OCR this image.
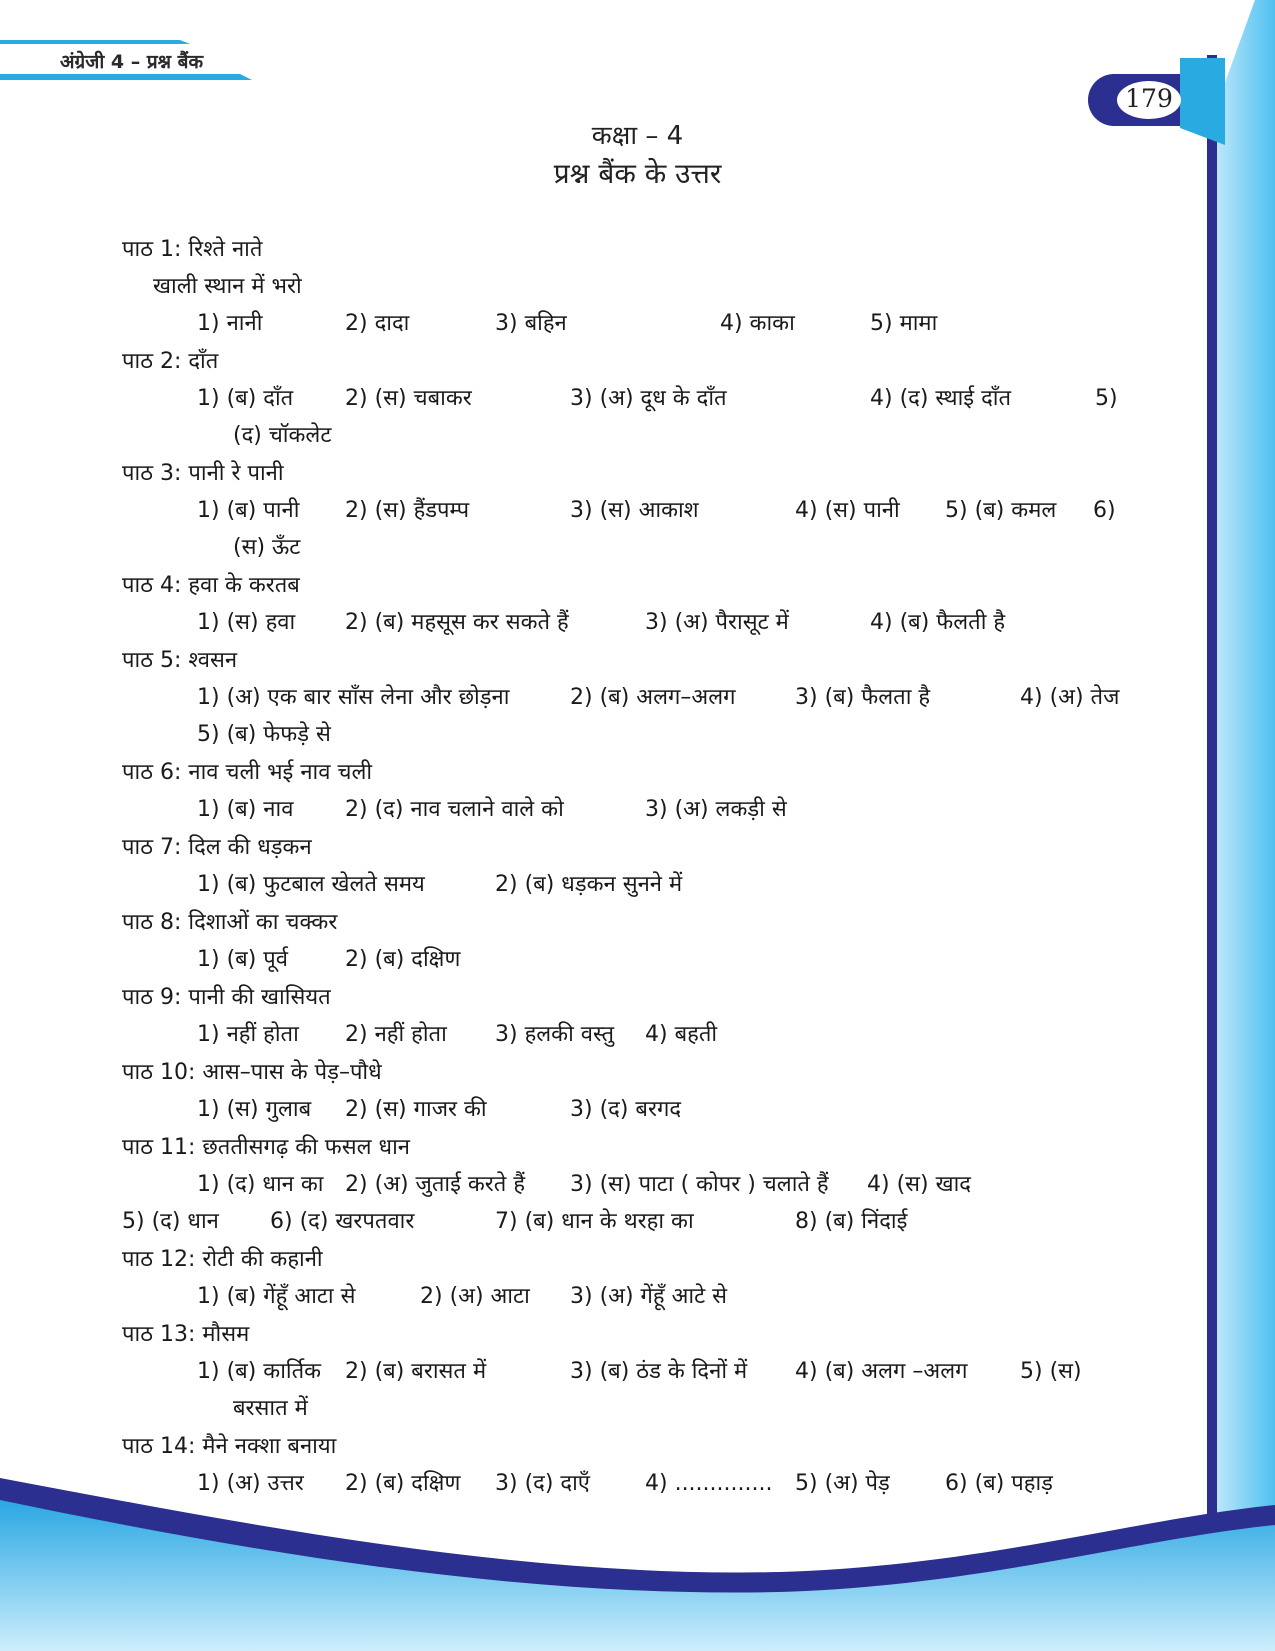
अंग्रेजी 4 – प्रश्न बैंक
179
कक्षा – 4
प्रश्न बैंक के उत्तर
पाठ 1: रिश्ते नाते
खाली स्थान में भरो
1) नानी	2) दादा	3) बहिन	4) काका	5) मामा
पाठ 2: दाँत
1) (ब) दाँत 2) (स) चबाकर	3) (अ) दूध के दाँत	4) (द) स्थाई दाँत	5)
(द) चॉकलेट
पाठ 3: पानी रे पानी
1) (ब) पानी 2) (स) हैंडपम्प	3) (स) आकाश	4) (स) पानी 5) (ब) कमल 6)
(स) ऊँट
पाठ 4: हवा के करतब
1) (स) हवा 2) (ब) महसूस कर सकते हैं	3) (अ) पैरासूट में	4) (ब) फैलती है
पाठ 5: श्वसन
1) (अ) एक बार साँस लेना और छोड़ना	2) (ब) अलग–अलग	3) (ब) फैलता है	4) (अ) तेज
5) (ब) फेफड़े से
पाठ 6: नाव चली भई नाव चली
1) (ब) नाव 2) (द) नाव चलाने वाले को	3) (अ) लकड़ी से
पाठ 7: दिल की धड़कन
1) (ब) फुटबाल खेलते समय	2) (ब) धड़कन सुनने में
पाठ 8: दिशाओं का चक्कर
1) (ब) पूर्व	2) (ब) दक्षिण
पाठ 9: पानी की खासियत
1) नहीं होता 2) नहीं होता 3) हलकी वस्तु 4) बहती
पाठ 10: आस–पास के पेड़–पौधे
1) (स) गुलाब 2) (स) गाजर की	3) (द) बरगद
पाठ 11: छततीसगढ़ की फसल धान
1) (द) धान का 2) (अ) जुताई करते हैं 3) (स) पाटा ( कोपर ) चलाते हैं 4) (स) खाद
5) (द) धान 6) (द) खरपतवार	7) (ब) धान के थरहा का	8) (ब) निंदाई
पाठ 12: रोटी की कहानी
1) (ब) गेंहूँ आटा से	2) (अ) आटा 3) (अ) गेंहूँ आटे से
पाठ 13: मौसम
1) (ब) कार्तिक 2) (ब) बरासत में	3) (ब) ठंड के दिनों में 4) (ब) अलग –अलग 5) (स)
बरसात में
पाठ 14: मैने नक्शा बनाया
1) (अ) उत्तर 2) (ब) दक्षिण 3) (द) दाएँ	4) .............. 5) (अ) पेड़	6) (ब) पहाड़
